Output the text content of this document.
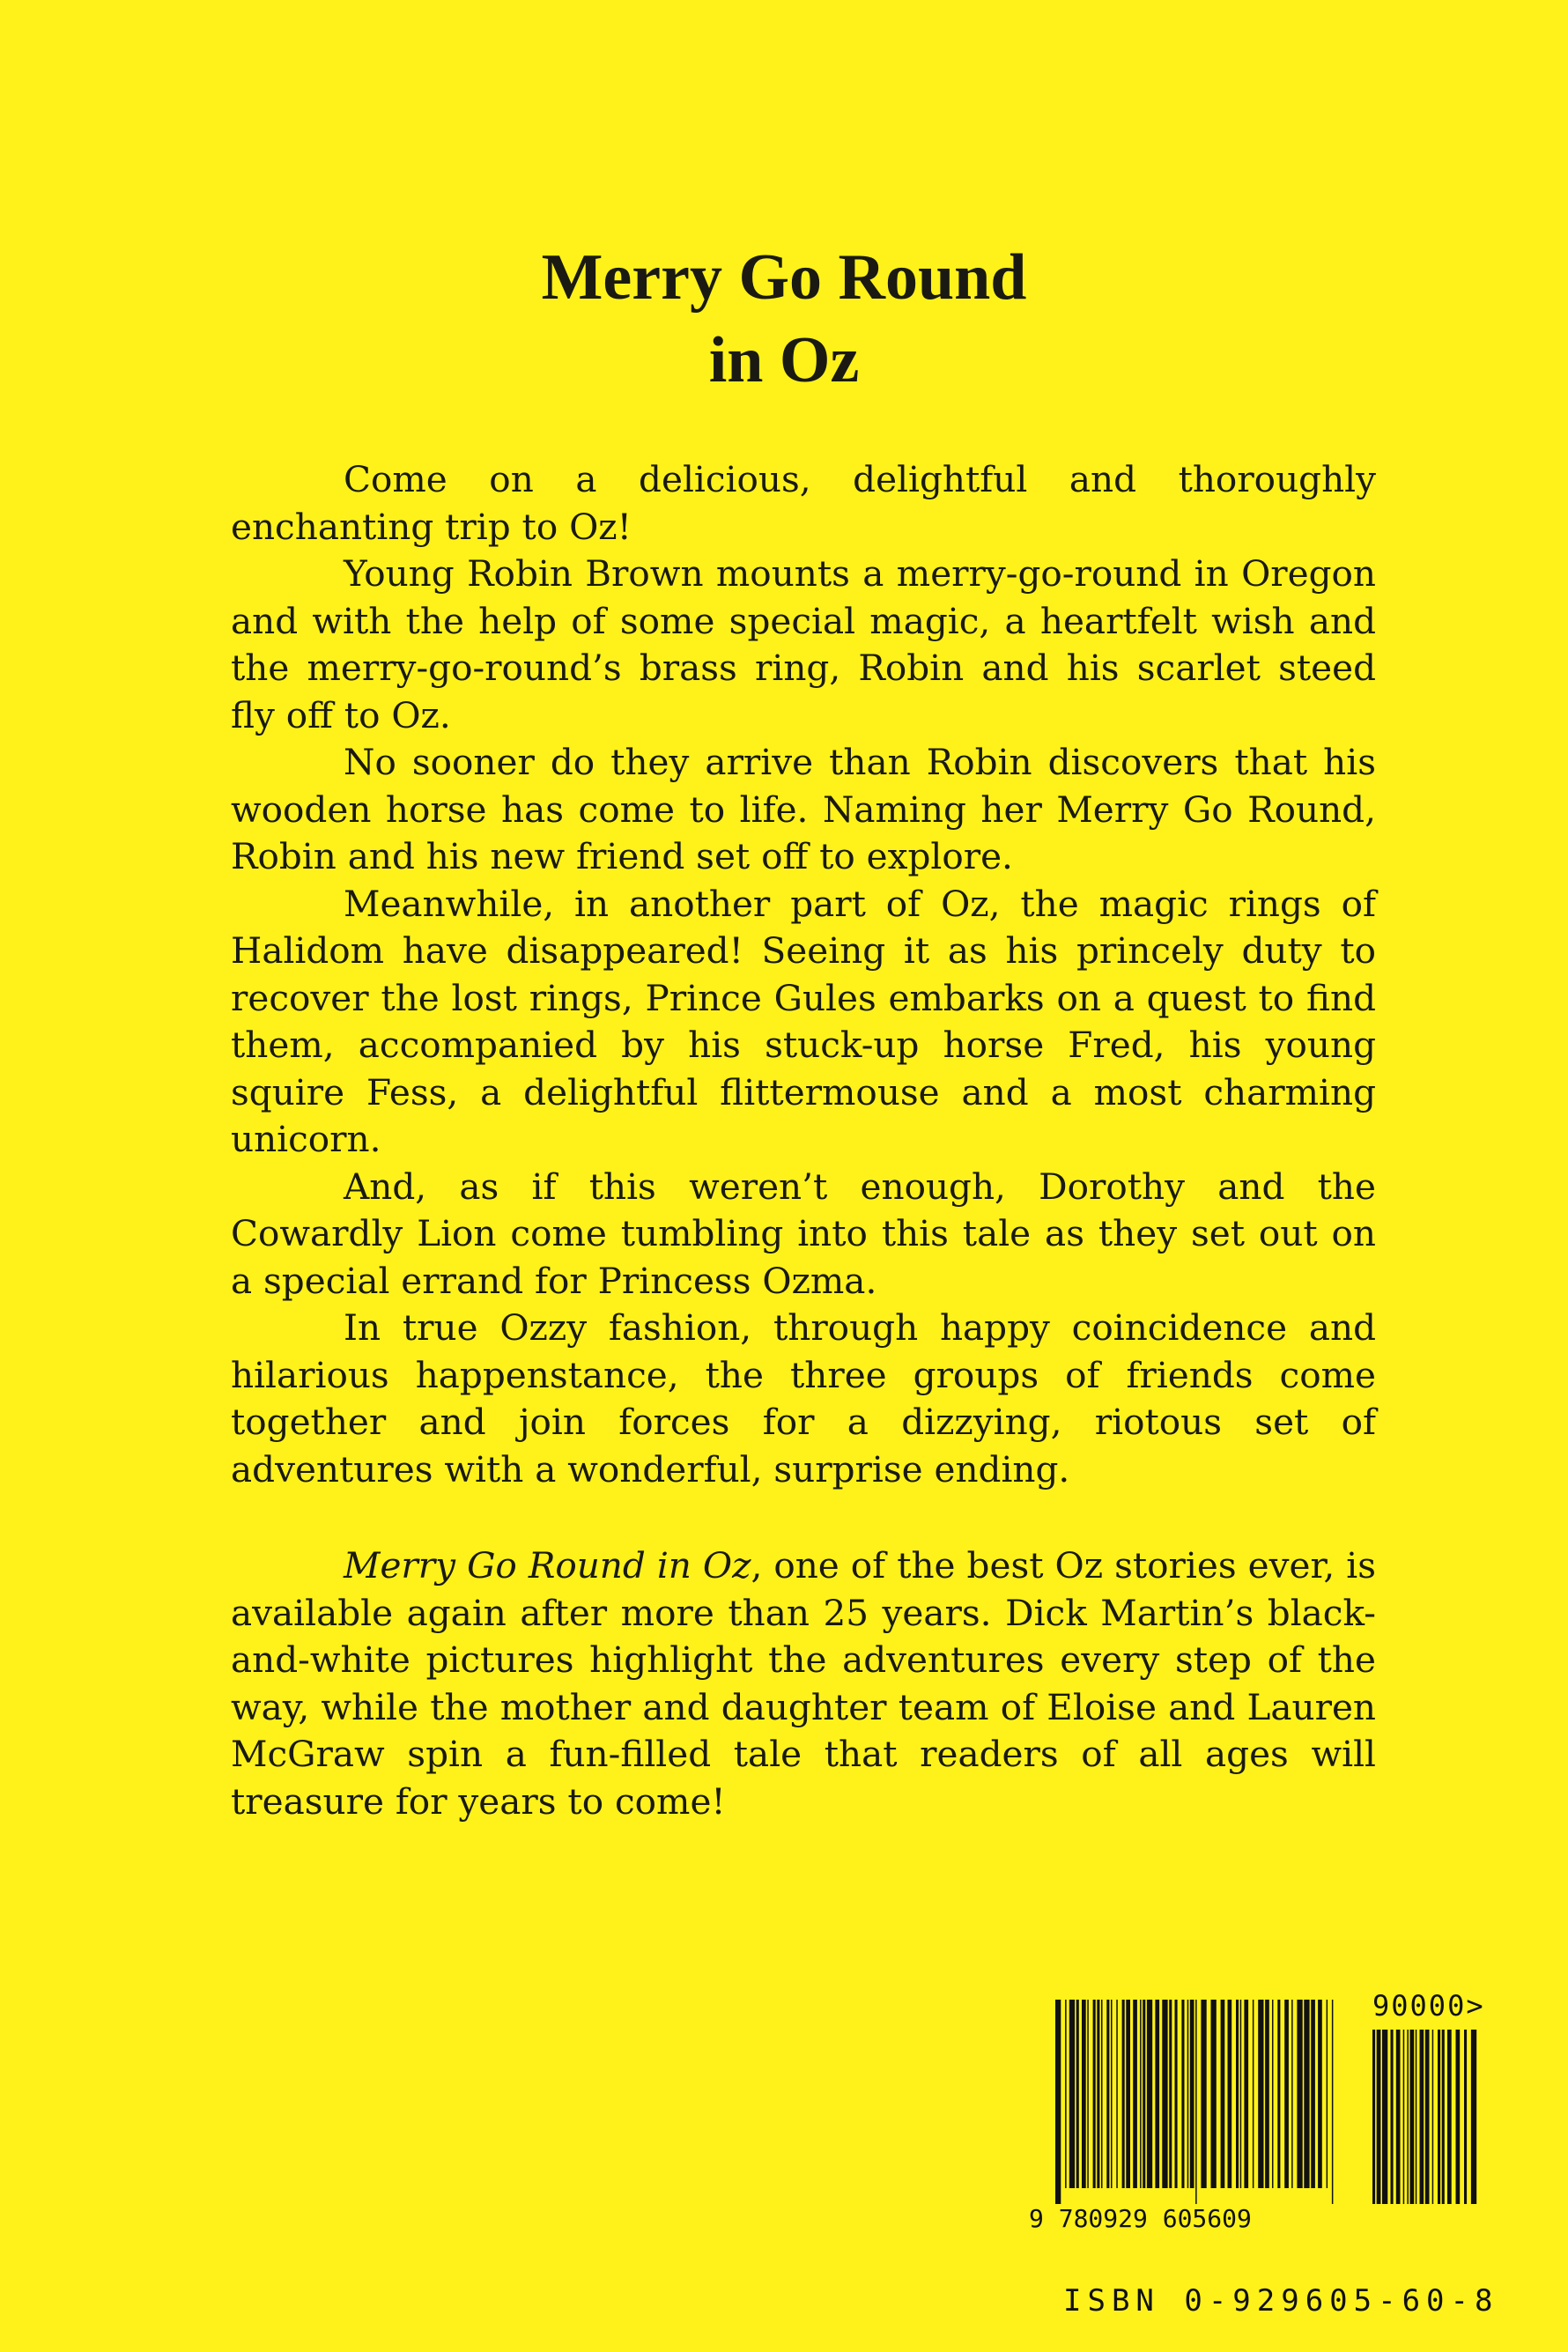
Merry Go Round
in Oz

Come on a delicious, delightful and thoroughly enchanting trip to Oz!

Young Robin Brown mounts a merry-go-round in Oregon and with the help of some special magic, a heartfelt wish and the merry-go-round’s brass ring, Robin and his scarlet steed fly off to Oz.

No sooner do they arrive than Robin discovers that his wooden horse has come to life. Naming her Merry Go Round, Robin and his new friend set off to explore.

Meanwhile, in another part of Oz, the magic rings of Halidom have disappeared! Seeing it as his princely duty to recover the lost rings, Prince Gules embarks on a quest to find them, accompanied by his stuck-up horse Fred, his young squire Fess, a delightful flittermouse and a most charming unicorn.

And, as if this weren’t enough, Dorothy and the Cowardly Lion come tumbling into this tale as they set out on a special errand for Princess Ozma.

In true Ozzy fashion, through happy coincidence and hilarious happenstance, the three groups of friends come together and join forces for a dizzying, riotous set of adventures with a wonderful, surprise ending.

Merry Go Round in Oz, one of the best Oz stories ever, is available again after more than 25 years. Dick Martin’s black-and-white pictures highlight the adventures every step of the way, while the mother and daughter team of Eloise and Lauren McGraw spin a fun-filled tale that readers of all ages will treasure for years to come!

90000>
9 780929 605609
ISBN 0-929605-60-8
